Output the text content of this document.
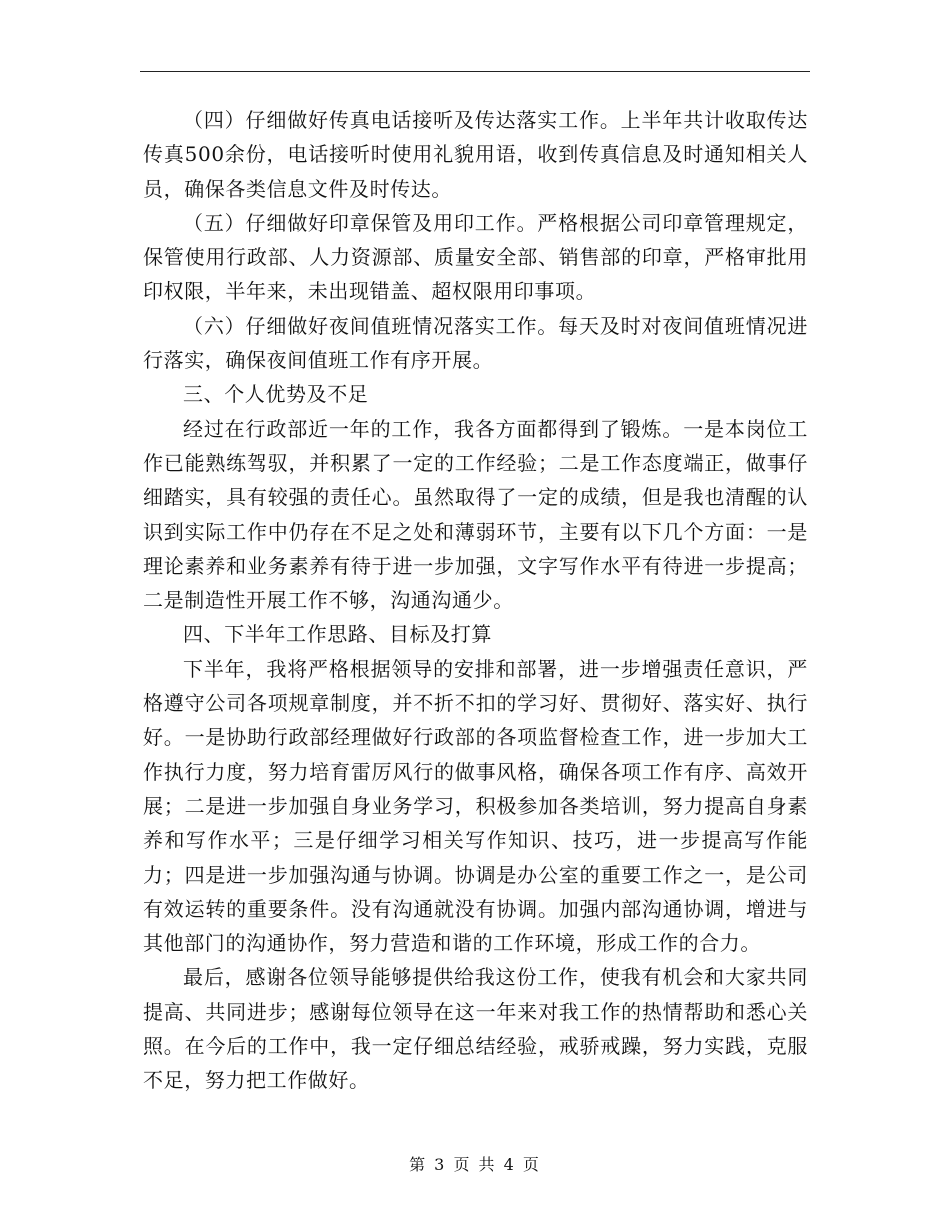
（四）仔细做好传真电话接听及传达落实工作。上半年共计收取传达传真500余份，电话接听时使用礼貌用语，收到传真信息及时通知相关人员，确保各类信息文件及时传达。

（五）仔细做好印章保管及用印工作。严格根据公司印章管理规定，保管使用行政部、人力资源部、质量安全部、销售部的印章，严格审批用印权限，半年来，未出现错盖、超权限用印事项。

（六）仔细做好夜间值班情况落实工作。每天及时对夜间值班情况进行落实，确保夜间值班工作有序开展。

三、个人优势及不足

经过在行政部近一年的工作，我各方面都得到了锻炼。一是本岗位工作已能熟练驾驭，并积累了一定的工作经验；二是工作态度端正，做事仔细踏实，具有较强的责任心。虽然取得了一定的成绩，但是我也清醒的认识到实际工作中仍存在不足之处和薄弱环节，主要有以下几个方面：一是理论素养和业务素养有待于进一步加强，文字写作水平有待进一步提高；二是制造性开展工作不够，沟通沟通少。

四、下半年工作思路、目标及打算

下半年，我将严格根据领导的安排和部署，进一步增强责任意识，严格遵守公司各项规章制度，并不折不扣的学习好、贯彻好、落实好、执行好。一是协助行政部经理做好行政部的各项监督检查工作，进一步加大工作执行力度，努力培育雷厉风行的做事风格，确保各项工作有序、高效开展；二是进一步加强自身业务学习，积极参加各类培训，努力提高自身素养和写作水平；三是仔细学习相关写作知识、技巧，进一步提高写作能力；四是进一步加强沟通与协调。协调是办公室的重要工作之一，是公司有效运转的重要条件。没有沟通就没有协调。加强内部沟通协调，增进与其他部门的沟通协作，努力营造和谐的工作环境，形成工作的合力。

最后，感谢各位领导能够提供给我这份工作，使我有机会和大家共同提高、共同进步；感谢每位领导在这一年来对我工作的热情帮助和悉心关照。在今后的工作中，我一定仔细总结经验，戒骄戒躁，努力实践，克服不足，努力把工作做好。

第 3 页 共 4 页
